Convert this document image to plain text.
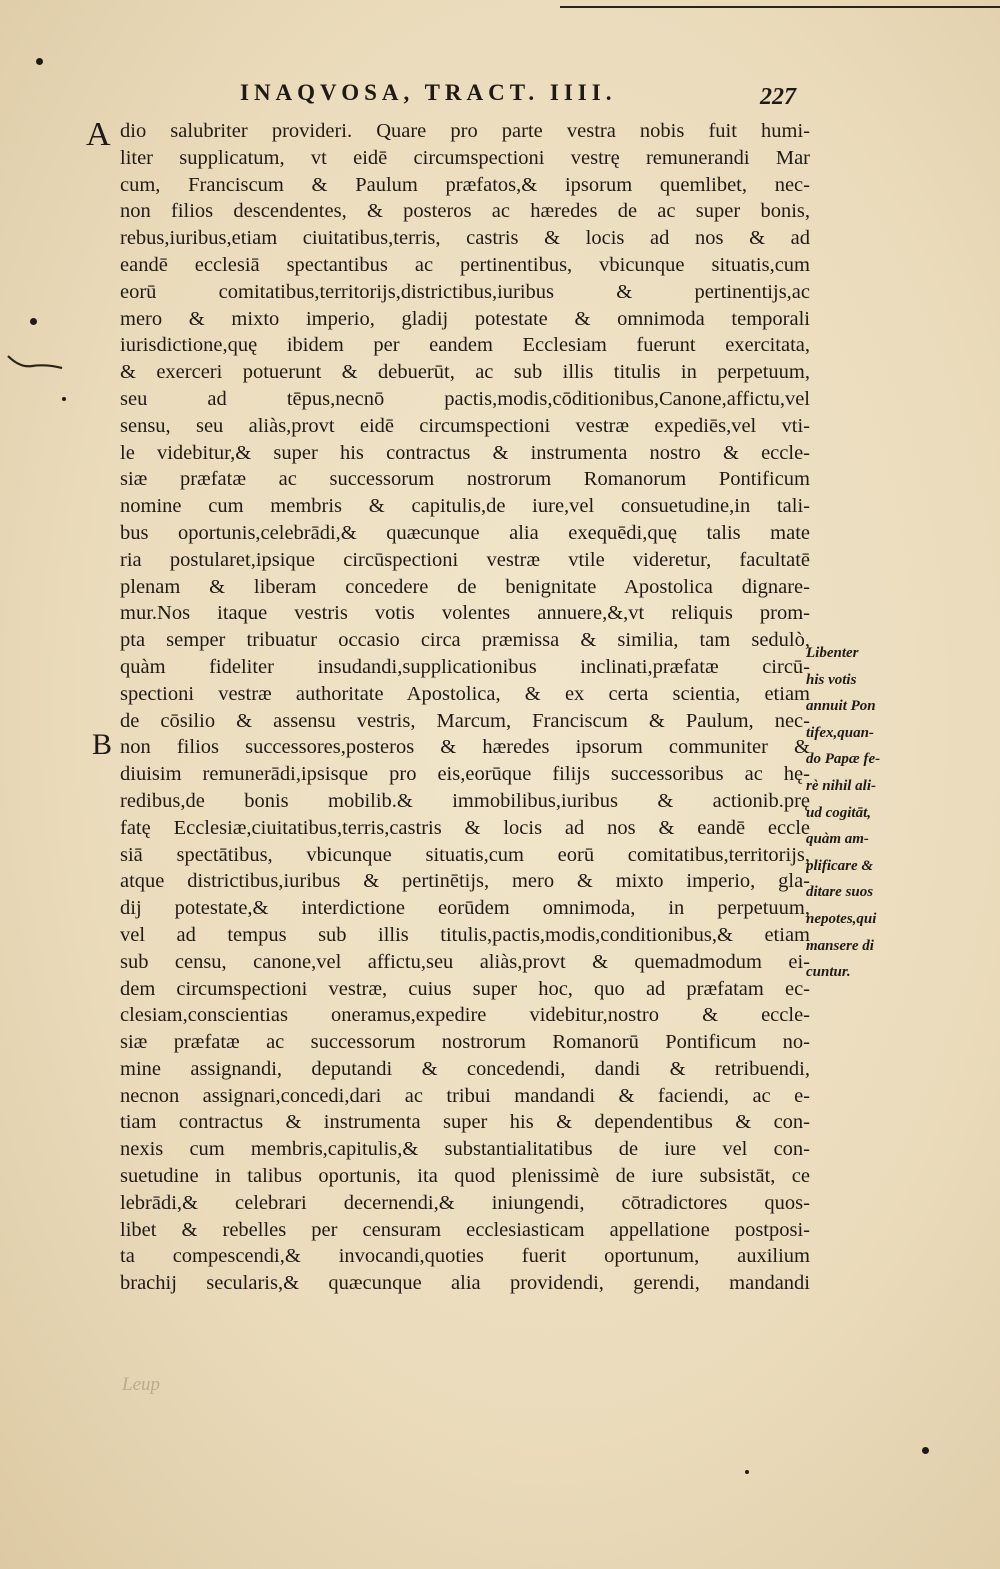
INAQVOSA, TRACT. IIII.	227
A
B
dio salubriter provideri. Quare pro parte vestra nobis fuit humi-
liter supplicatum, vt eidē circumspectioni vestrę remunerandi Mar
cum, Franciscum & Paulum præfatos,& ipsorum quemlibet, nec-
non filios descendentes, & posteros ac hæredes de ac super bonis,
rebus,iuribus,etiam ciuitatibus,terris, castris & locis ad nos & ad
eandē ecclesiā spectantibus ac pertinentibus, vbicunque situatis,cum
eorū comitatibus,territorijs,districtibus,iuribus & pertinentijs,ac
mero & mixto imperio, gladij potestate & omnimoda temporali
iurisdictione,quę ibidem per eandem Ecclesiam fuerunt exercitata,
& exerceri potuerunt & debuerūt, ac sub illis titulis in perpetuum,
seu ad tēpus,necnō pactis,modis,cōditionibus,Canone,affictu,vel
sensu, seu aliàs,provt eidē circumspectioni vestræ expediēs,vel vti-
le videbitur,& super his contractus & instrumenta nostro & eccle-
siæ præfatæ ac successorum nostrorum Romanorum Pontificum
nomine cum membris & capitulis,de iure,vel consuetudine,in tali-
bus oportunis,celebrādi,& quæcunque alia exequēdi,quę talis mate
ria postularet,ipsique circūspectioni vestræ vtile videretur, facultatē
plenam & liberam concedere de benignitate Apostolica dignare-
mur.Nos itaque vestris votis volentes annuere,&,vt reliquis prom-
pta semper tribuatur occasio circa præmissa & similia, tam sedulò,
quàm fideliter insudandi,supplicationibus inclinati,præfatæ circū-
spectioni vestræ authoritate Apostolica, & ex certa scientia, etiam
de cōsilio & assensu vestris, Marcum, Franciscum & Paulum, nec-
non filios successores,posteros & hæredes ipsorum communiter &
diuisim remunerādi,ipsisque pro eis,eorūque filijs successoribus ac hę-
redibus,de bonis mobilib.& immobilibus,iuribus & actionib.prę
fatę Ecclesiæ,ciuitatibus,terris,castris & locis ad nos & eandē eccle
siā spectātibus, vbicunque situatis,cum eorū comitatibus,territorijs,
atque districtibus,iuribus & pertinētijs, mero & mixto imperio, gla-
dij potestate,& interdictione eorūdem omnimoda, in perpetuum,
vel ad tempus sub illis titulis,pactis,modis,conditionibus,& etiam
sub censu, canone,vel affictu,seu aliàs,provt & quemadmodum ei-
dem circumspectioni vestræ, cuius super hoc, quo ad præfatam ec-
clesiam,conscientias oneramus,expedire videbitur,nostro & eccle-
siæ præfatæ ac successorum nostrorum Romanorū Pontificum no-
mine assignandi, deputandi & concedendi, dandi & retribuendi,
necnon assignari,concedi,dari ac tribui mandandi & faciendi, ac e-
tiam contractus & instrumenta super his & dependentibus & con-
nexis cum membris,capitulis,& substantialitatibus de iure vel con-
suetudine in talibus oportunis, ita quod plenissimè de iure subsistāt, ce
lebrādi,& celebrari decernendi,& iniungendi, cōtradictores quos-
libet & rebelles per censuram ecclesiasticam appellatione postposi-
ta compescendi,& invocandi,quoties fuerit oportunum, auxilium
brachij secularis,& quæcunque alia providendi, gerendi, mandandi
Libenter
his votis
annuit Pon
tifex,quan-
do Papæ fe-
rè nihil ali-
ud cogitāt,
quàm am-
plificare &
ditare suos
nepotes,qui
mansere di
cuntur.
Leup
